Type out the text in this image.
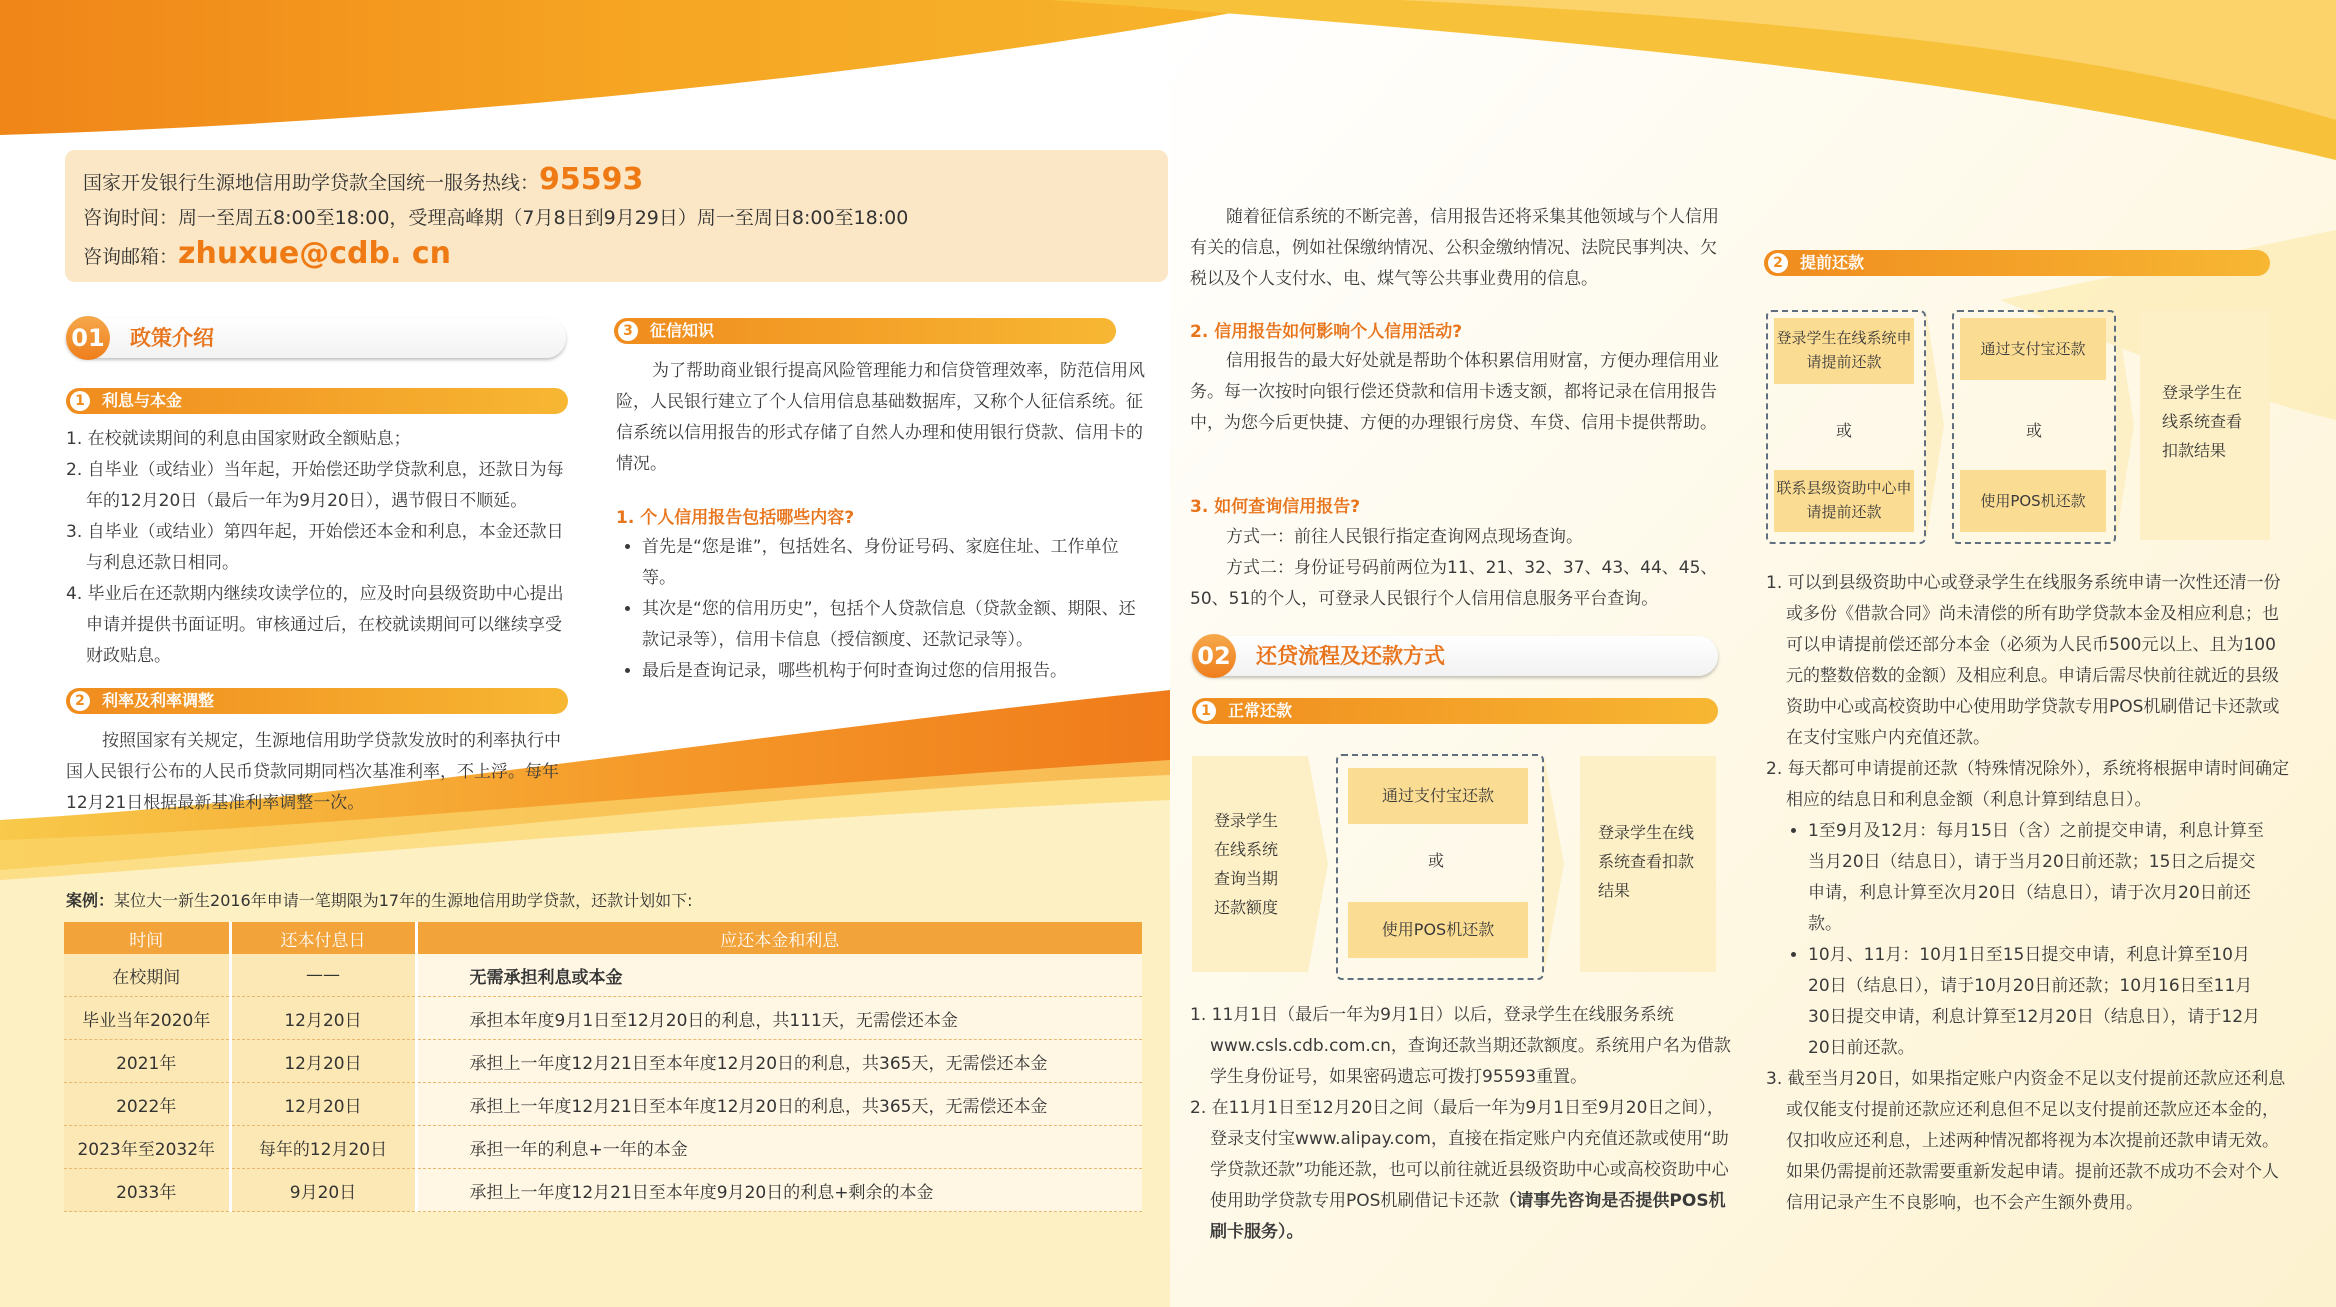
国家开发银行生源地信用助学贷款全国统一服务热线：95593
咨询时间：周一至周五8:00至18:00，受理高峰期（7月8日到9月29日）周一至周日8:00至18:00
咨询邮箱：zhuxue@cdb. cn
01 政策介绍
1	利息与本金
1. 在校就读期间的利息由国家财政全额贴息；
2. 自毕业（或结业）当年起，开始偿还助学贷款利息，还款日为每年的12月20日（最后一年为9月20日），遇节假日不顺延。
3. 自毕业（或结业）第四年起，开始偿还本金和利息，本金还款日与利息还款日相同。
4. 毕业后在还款期内继续攻读学位的，应及时向县级资助中心提出申请并提供书面证明。审核通过后，在校就读期间可以继续享受财政贴息。
2	利率及利率调整
按照国家有关规定，生源地信用助学贷款发放时的利率执行中国人民银行公布的人民币贷款同期同档次基准利率，不上浮。每年12月21日根据最新基准利率调整一次。
3	征信知识
为了帮助商业银行提高风险管理能力和信贷管理效率，防范信用风险，人民银行建立了个人信用信息基础数据库，又称个人征信系统。征信系统以信用报告的形式存储了自然人办理和使用银行贷款、信用卡的情况。
1. 个人信用报告包括哪些内容?
• 首先是“您是谁”，包括姓名、身份证号码、家庭住址、工作单位等。
• 其次是“您的信用历史”，包括个人贷款信息（贷款金额、期限、还款记录等），信用卡信息（授信额度、还款记录等）。
• 最后是查询记录，哪些机构于何时查询过您的信用报告。
案例：某位大一新生2016年申请一笔期限为17年的生源地信用助学贷款，还款计划如下:
时间	还本付息日	应还本金和利息
在校期间	——	无需承担利息或本金
毕业当年2020年	12月20日	承担本年度9月1日至12月20日的利息，共111天，无需偿还本金
2021年	12月20日	承担上一年度12月21日至本年度12月20日的利息，共365天，无需偿还本金
2022年	12月20日	承担上一年度12月21日至本年度12月20日的利息，共365天，无需偿还本金
2023年至2032年	每年的12月20日	承担一年的利息+一年的本金
2033年	9月20日	承担上一年度12月21日至本年度9月20日的利息+剩余的本金
随着征信系统的不断完善，信用报告还将采集其他领域与个人信用有关的信息，例如社保缴纳情况、公积金缴纳情况、法院民事判决、欠税以及个人支付水、电、煤气等公共事业费用的信息。
2. 信用报告如何影响个人信用活动?
信用报告的最大好处就是帮助个体积累信用财富，方便办理信用业务。每一次按时向银行偿还贷款和信用卡透支额，都将记录在信用报告中，为您今后更快捷、方便的办理银行房贷、车贷、信用卡提供帮助。
3. 如何查询信用报告?
方式一：前往人民银行指定查询网点现场查询。
方式二：身份证号码前两位为11、21、32、37、43、44、45、50、51的个人，可登录人民银行个人信用信息服务平台查询。
02 还贷流程及还款方式
1	正常还款
登录学生在线系统查询当期还款额度
通过支付宝还款
或
使用POS机还款
登录学生在线系统查看扣款结果
1. 11月1日（最后一年为9月1日）以后，登录学生在线服务系统www.csls.cdb.com.cn，查询还款当期还款额度。系统用户名为借款学生身份证号，如果密码遗忘可拨打95593重置。
2. 在11月1日至12月20日之间（最后一年为9月1日至9月20日之间），登录支付宝www.alipay.com，直接在指定账户内充值还款或使用“助学贷款还款”功能还款，也可以前往就近县级资助中心或高校资助中心使用助学贷款专用POS机刷借记卡还款（请事先咨询是否提供POS机刷卡服务）。
2	提前还款
登录学生在线系统申请提前还款
或
联系县级资助中心申请提前还款
通过支付宝还款
或
使用POS机还款
登录学生在线系统查看扣款结果
1. 可以到县级资助中心或登录学生在线服务系统申请一次性还清一份或多份《借款合同》尚未清偿的所有助学贷款本金及相应利息；也可以申请提前偿还部分本金（必须为人民币500元以上、且为100元的整数倍数的金额）及相应利息。申请后需尽快前往就近的县级资助中心或高校资助中心使用助学贷款专用POS机刷借记卡还款或在支付宝账户内充值还款。
2. 每天都可申请提前还款（特殊情况除外），系统将根据申请时间确定相应的结息日和利息金额（利息计算到结息日）。
• 1至9月及12月：每月15日（含）之前提交申请，利息计算至当月20日（结息日），请于当月20日前还款；15日之后提交申请，利息计算至次月20日（结息日），请于次月20日前还款。
• 10月、11月：10月1日至15日提交申请，利息计算至10月20日（结息日），请于10月20日前还款；10月16日至11月30日提交申请，利息计算至12月20日（结息日），请于12月20日前还款。
3. 截至当月20日，如果指定账户内资金不足以支付提前还款应还利息或仅能支付提前还款应还利息但不足以支付提前还款应还本金的，仅扣收应还利息，上述两种情况都将视为本次提前还款申请无效。如果仍需提前还款需要重新发起申请。提前还款不成功不会对个人信用记录产生不良影响，也不会产生额外费用。
